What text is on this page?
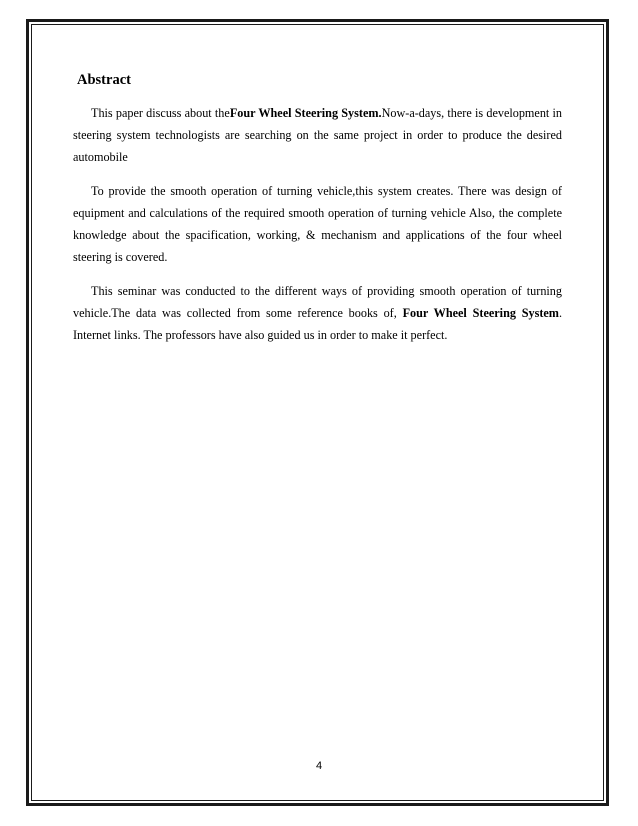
Abstract

This paper discuss about theFour Wheel Steering System.Now-a-days, there is development in steering system technologists are searching on the same project in order to produce the desired automobile

To provide the smooth operation of turning vehicle,this system creates. There was design of equipment and calculations of the required smooth operation of turning vehicle Also, the complete knowledge about the spacification, working, & mechanism and applications of the four wheel steering is covered.

This seminar was conducted to the different ways of providing smooth operation of turning vehicle.The data was collected from some reference books of, Four Wheel Steering System. Internet links. The professors have also guided us in order to make it perfect.

4
